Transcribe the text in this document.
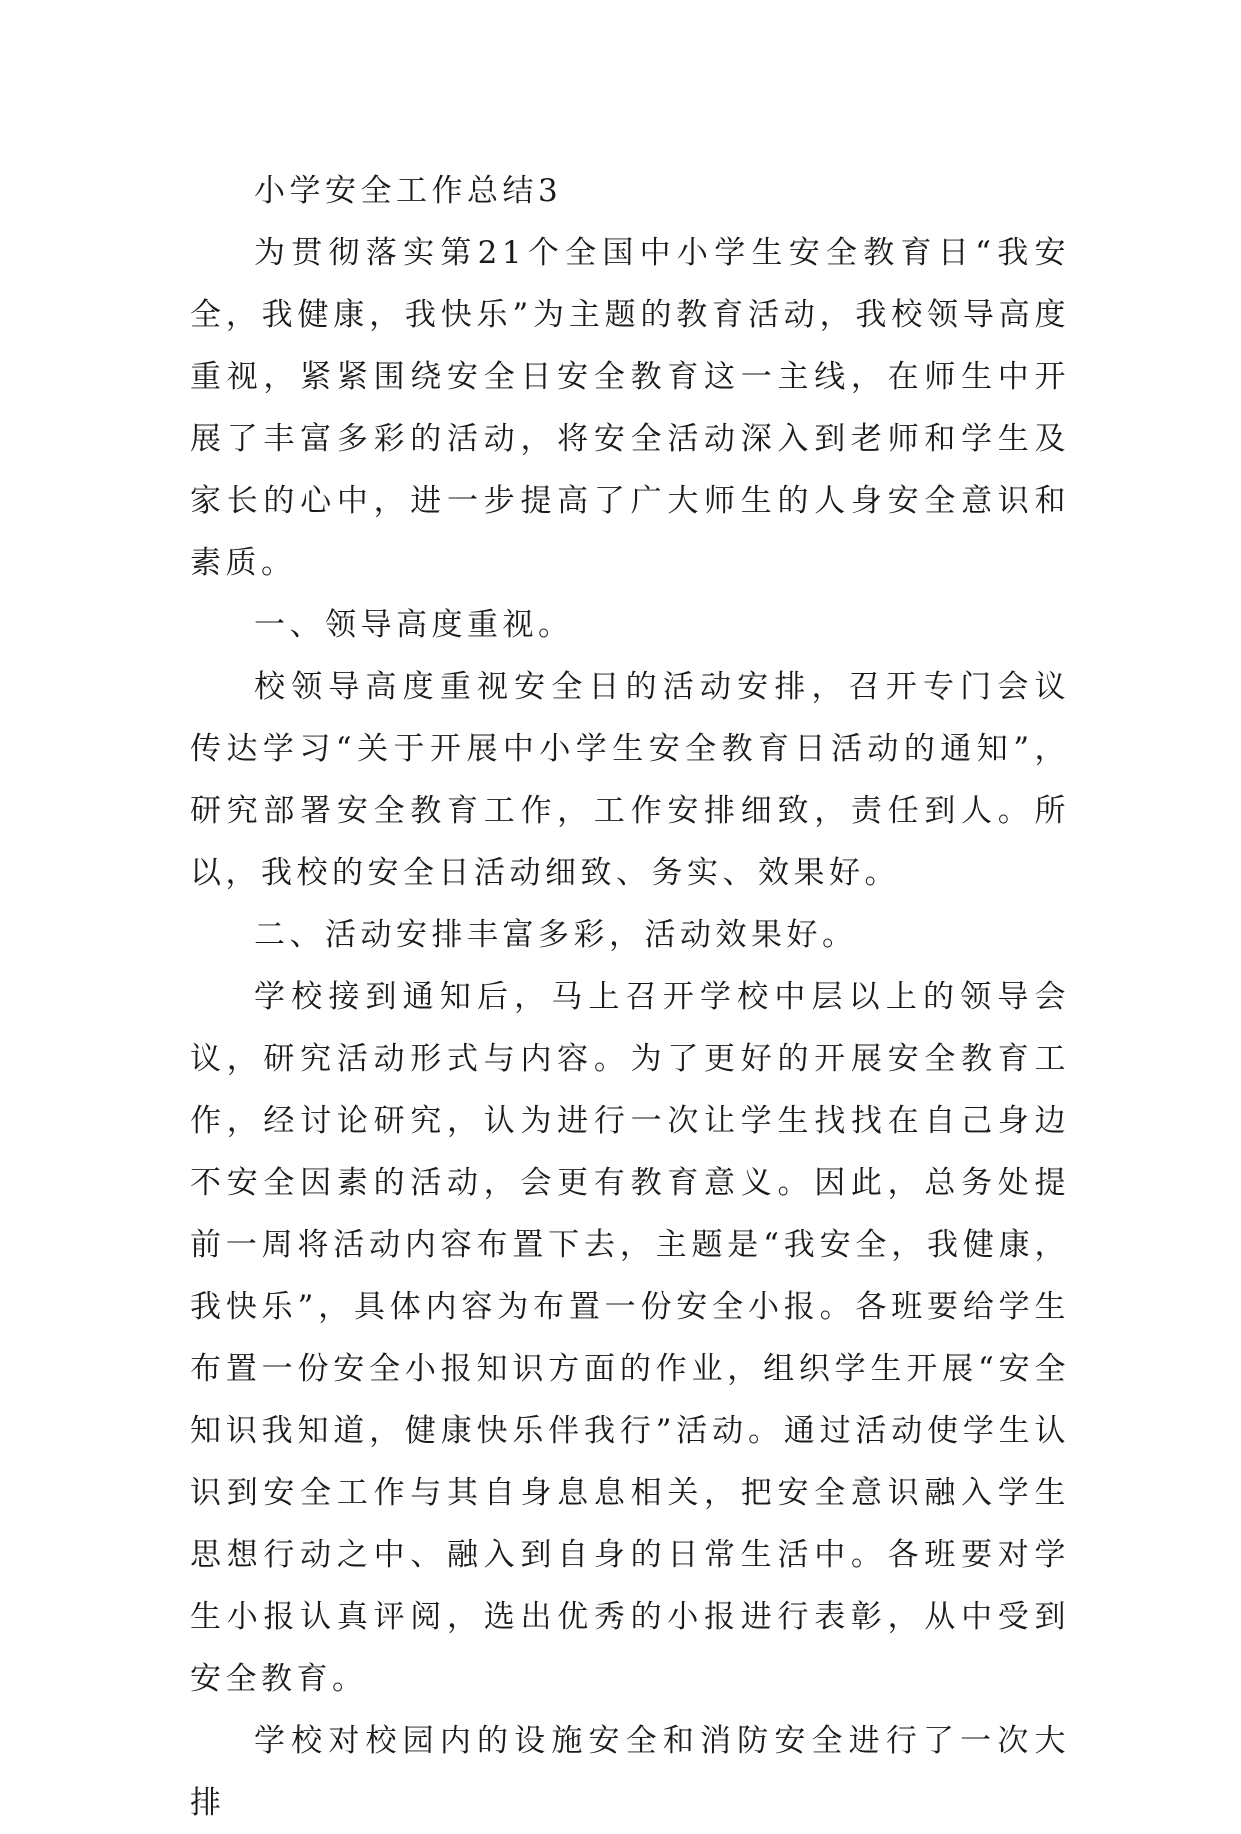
小学安全工作总结3

为贯彻落实第21个全国中小学生安全教育日“我安全，我健康，我快乐”为主题的教育活动，我校领导高度重视，紧紧围绕安全日安全教育这一主线，在师生中开展了丰富多彩的活动，将安全活动深入到老师和学生及家长的心中，进一步提高了广大师生的人身安全意识和素质。

一、领导高度重视。

校领导高度重视安全日的活动安排，召开专门会议传达学习“关于开展中小学生安全教育日活动的通知”，研究部署安全教育工作，工作安排细致，责任到人。所以，我校的安全日活动细致、务实、效果好。

二、活动安排丰富多彩，活动效果好。

学校接到通知后，马上召开学校中层以上的领导会议，研究活动形式与内容。为了更好的开展安全教育工作，经讨论研究，认为进行一次让学生找找在自己身边不安全因素的活动，会更有教育意义。因此，总务处提前一周将活动内容布置下去，主题是“我安全，我健康，我快乐”，具体内容为布置一份安全小报。各班要给学生布置一份安全小报知识方面的作业，组织学生开展“安全知识我知道，健康快乐伴我行”活动。通过活动使学生认识到安全工作与其自身息息相关，把安全意识融入学生思想行动之中、融入到自身的日常生活中。各班要对学生小报认真评阅，选出优秀的小报进行表彰，从中受到安全教育。

学校对校园内的设施安全和消防安全进行了一次大排
